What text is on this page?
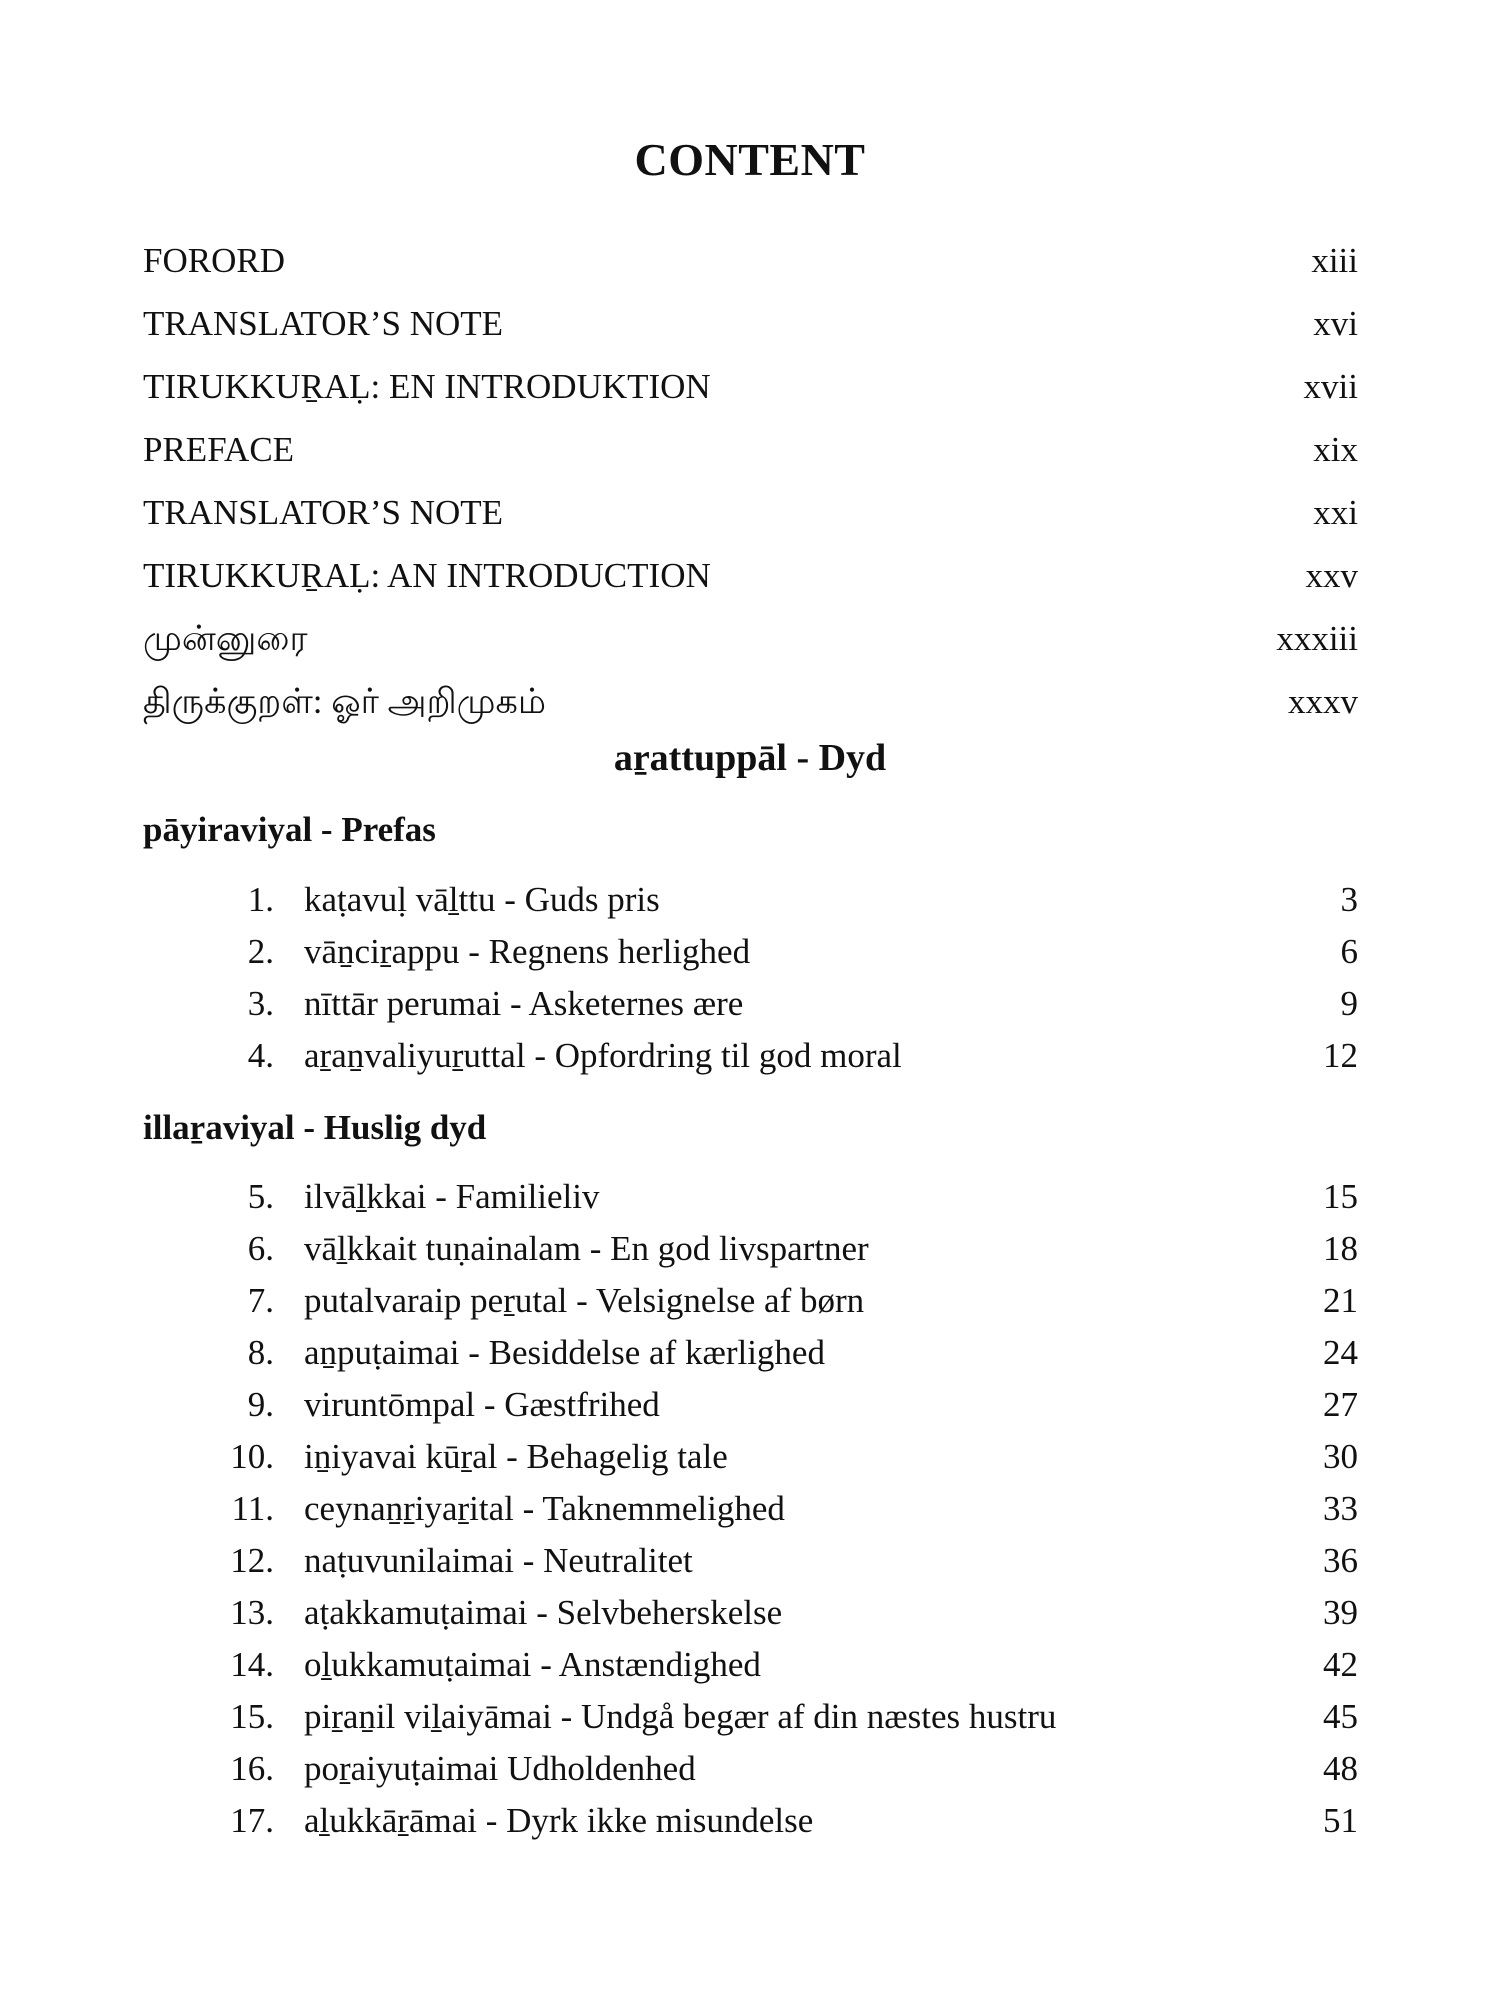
CONTENT
FORORD	xiii
TRANSLATOR’S NOTE	xvi
TIRUKKUṞAḶ: EN INTRODUKTION	xvii
PREFACE	xix
TRANSLATOR’S NOTE	xxi
TIRUKKUṞAḶ: AN INTRODUCTION	xxv
முன்னுரை	xxxiii
திருக்குறள்: ஓர் அறிமுகம்	xxxv
aṟattuppāl - Dyd
pāyiraviyal - Prefas
1. kaṭavuḷ vāḻttu - Guds pris	3
2. vāṉciṟappu - Regnens herlighed	6
3. nīttār perumai - Asketernes ære	9
4. aṟaṉvaliyuṟuttal - Opfordring til god moral	12
illaṟaviyal - Huslig dyd
5. ilvāḻkkai - Familieliv	15
6. vāḻkkait tuṇainalam - En god livspartner	18
7. putalvaraip peṟutal - Velsignelse af børn	21
8. aṉpuṭaimai - Besiddelse af kærlighed	24
9. viruntōmpal - Gæstfrihed	27
10. iṉiyavai kūṟal - Behagelig tale	30
11. ceynaṉṟiyaṟital - Taknemmelighed	33
12. naṭuvunilaimai - Neutralitet	36
13. aṭakkamuṭaimai - Selvbeherskelse	39
14. oḻukkamuṭaimai - Anstændighed	42
15. piṟaṉil viḻaiyāmai - Undgå begær af din næstes hustru	45
16. poṟaiyuṭaimai Udholdenhed	48
17. aḻukkāṟāmai - Dyrk ikke misundelse	51
